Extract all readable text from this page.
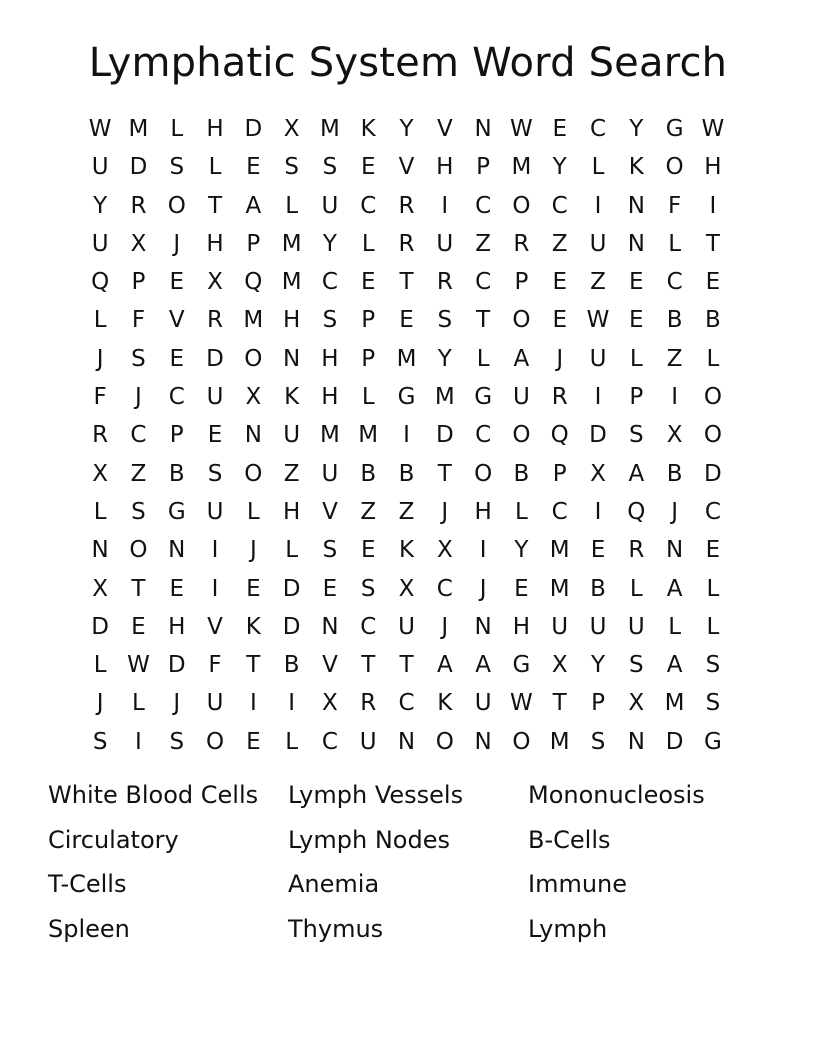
Lymphatic System Word Search
W M L	H D X M K	Y	V N W E C	Y G W
U D S	L	E	S	S	E	V H P M Y	L	K O H
Y	R O T	A	L	U C R	I	C O C	I	N	F	I
U X	J	H P M Y	L	R U Z R Z U N	L	T
Q P	E	X Q M C	E	T	R C	P	E	Z	E C	E
L	F	V R M H S	P	E	S	T O E W E	B B
J	S	E D O N H P M Y	L	A	J	U	L	Z	L
F	J	C U X K H	L G M G U R	I	P	I	O
R C	P	E N U M M	I	D C O Q D S	X O
X Z B	S O Z U B B	T O B	P	X A B D
L	S G U	L	H V Z Z	J	H	L	C	I	Q	J	C
N O N	I	J	L	S	E	K X	I	Y M E	R N E
X	T	E	I	E D E	S	X C	J	E M B	L	A	L
D E H V K D N C U	J	N H U U U	L	L
L W D F	T	B V	T	T	A A G X	Y	S	A	S
J	L	J	U	I	I	X R C K U W T	P	X M S
S	I	S O E	L	C U N O N O M S N D G
White Blood Cells	Lymph Vessels	Mononucleosis
Circulatory	Lymph Nodes	B-Cells
T-Cells	Anemia	Immune
Spleen	Thymus	Lymph
